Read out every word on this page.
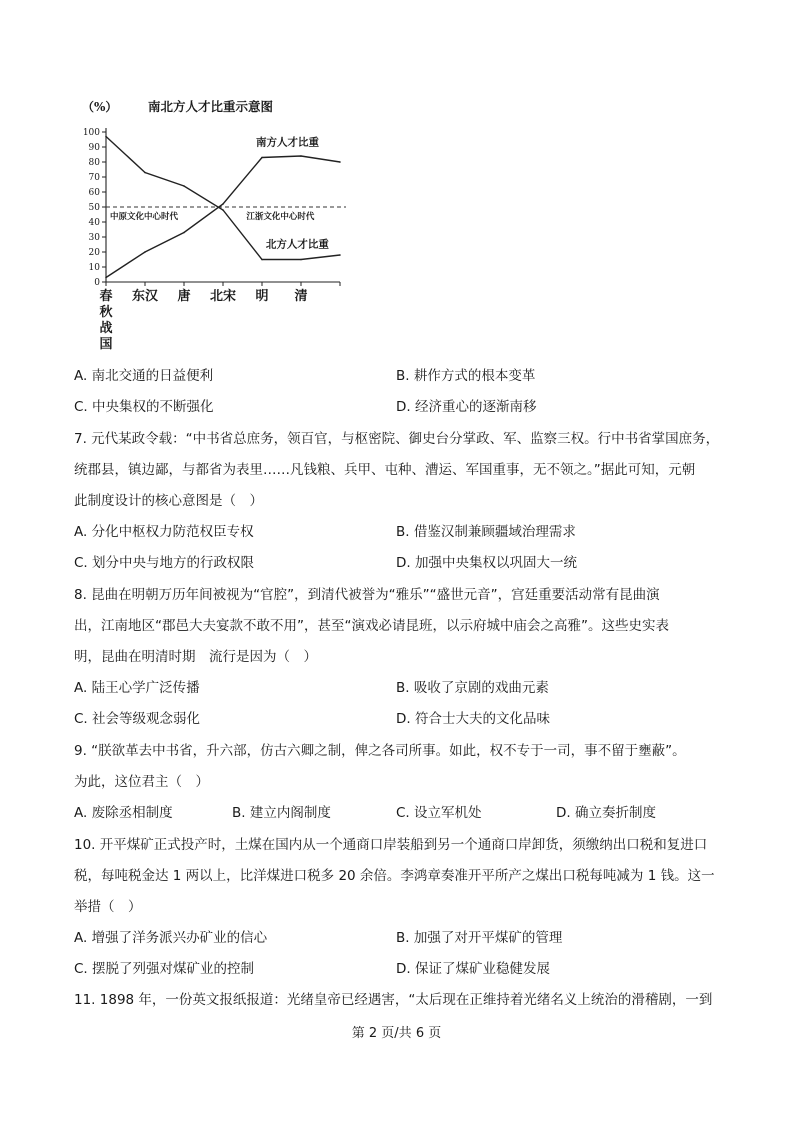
（%） 南北方人才比重示意图
0
10
20
30
40
50
60
70
80
90
100
春
秋
战
国
东汉 唐 北宋 明 清
中原文化中心时代	江浙文化中心时代
南方人才比重
北方人才比重
A. 南北交通的日益便利	B. 耕作方式的根本变革
C. 中央集权的不断强化	D. 经济重心的逐渐南移
7. 元代某政令载：“中书省总庶务，领百官，与枢密院、御史台分掌政、军、监察三权。行中书省掌国庶务，
统郡县，镇边鄙，与都省为表里……凡钱粮、兵甲、屯种、漕运、军国重事，无不领之。”据此可知，元朝
此制度设计的核心意图是（　）
A. 分化中枢权力防范权臣专权	B. 借鉴汉制兼顾疆域治理需求
C. 划分中央与地方的行政权限	D. 加强中央集权以巩固大一统
8. 昆曲在明朝万历年间被视为“官腔”，到清代被誉为“雅乐”“盛世元音”，宫廷重要活动常有昆曲演
出，江南地区“郡邑大夫宴款不敢不用”，甚至“演戏必请昆班，以示府城中庙会之高雅”。这些史实表
明，昆曲在明清时期　流行是因为（　）
A. 陆王心学广泛传播	B. 吸收了京剧的戏曲元素
C. 社会等级观念弱化	D. 符合士大夫的文化品味
9. “朕欲革去中书省，升六部，仿古六卿之制，俾之各司所事。如此，权不专于一司，事不留于壅蔽”。
为此，这位君主（　）
A. 废除丞相制度	B. 建立内阁制度	C. 设立军机处	D. 确立奏折制度
10. 开平煤矿正式投产时，土煤在国内从一个通商口岸装船到另一个通商口岸卸货，须缴纳出口税和复进口
税，每吨税金达 1 两以上，比洋煤进口税多 20 余倍。李鸿章奏准开平所产之煤出口税每吨减为 1 钱。这一
举措（　）
A. 增强了洋务派兴办矿业的信心	B. 加强了对开平煤矿的管理
C. 摆脱了列强对煤矿业的控制	D. 保证了煤矿业稳健发展
11. 1898 年，一份英文报纸报道：光绪皇帝已经遇害，“太后现在正维持着光绪名义上统治的滑稽剧，一到
第 2 页/共 6 页
